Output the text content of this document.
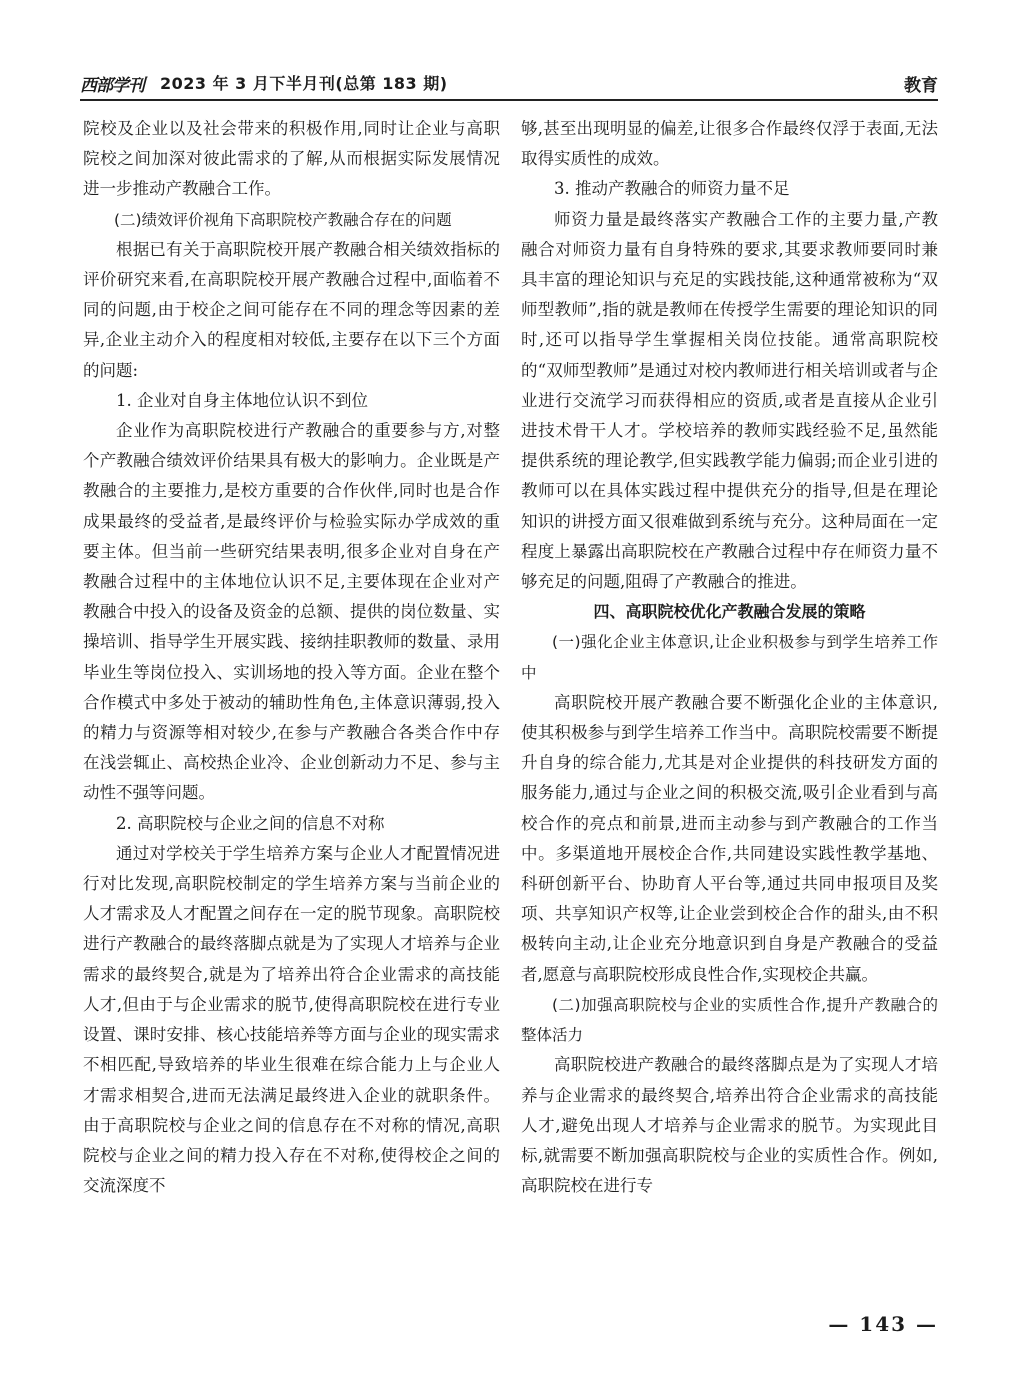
西部学刊 2023 年 3 月下半月刊(总第 183 期)	教育

院校及企业以及社会带来的积极作用,同时让企业与高职院校之间加深对彼此需求的了解,从而根据实际发展情况进一步推动产教融合工作。

(二)绩效评价视角下高职院校产教融合存在的问题

根据已有关于高职院校开展产教融合相关绩效指标的评价研究来看,在高职院校开展产教融合过程中,面临着不同的问题,由于校企之间可能存在不同的理念等因素的差异,企业主动介入的程度相对较低,主要存在以下三个方面的问题:

1. 企业对自身主体地位认识不到位

企业作为高职院校进行产教融合的重要参与方,对整个产教融合绩效评价结果具有极大的影响力。企业既是产教融合的主要推力,是校方重要的合作伙伴,同时也是合作成果最终的受益者,是最终评价与检验实际办学成效的重要主体。但当前一些研究结果表明,很多企业对自身在产教融合过程中的主体地位认识不足,主要体现在企业对产教融合中投入的设备及资金的总额、提供的岗位数量、实操培训、指导学生开展实践、接纳挂职教师的数量、录用毕业生等岗位投入、实训场地的投入等方面。企业在整个合作模式中多处于被动的辅助性角色,主体意识薄弱,投入的精力与资源等相对较少,在参与产教融合各类合作中存在浅尝辄止、高校热企业冷、企业创新动力不足、参与主动性不强等问题。

2. 高职院校与企业之间的信息不对称

通过对学校关于学生培养方案与企业人才配置情况进行对比发现,高职院校制定的学生培养方案与当前企业的人才需求及人才配置之间存在一定的脱节现象。高职院校进行产教融合的最终落脚点就是为了实现人才培养与企业需求的最终契合,就是为了培养出符合企业需求的高技能人才,但由于与企业需求的脱节,使得高职院校在进行专业设置、课时安排、核心技能培养等方面与企业的现实需求不相匹配,导致培养的毕业生很难在综合能力上与企业人才需求相契合,进而无法满足最终进入企业的就职条件。由于高职院校与企业之间的信息存在不对称的情况,高职院校与企业之间的精力投入存在不对称,使得校企之间的交流深度不

够,甚至出现明显的偏差,让很多合作最终仅浮于表面,无法取得实质性的成效。

3. 推动产教融合的师资力量不足

师资力量是最终落实产教融合工作的主要力量,产教融合对师资力量有自身特殊的要求,其要求教师要同时兼具丰富的理论知识与充足的实践技能,这种通常被称为“双师型教师”,指的就是教师在传授学生需要的理论知识的同时,还可以指导学生掌握相关岗位技能。通常高职院校的“双师型教师”是通过对校内教师进行相关培训或者与企业进行交流学习而获得相应的资质,或者是直接从企业引进技术骨干人才。学校培养的教师实践经验不足,虽然能提供系统的理论教学,但实践教学能力偏弱;而企业引进的教师可以在具体实践过程中提供充分的指导,但是在理论知识的讲授方面又很难做到系统与充分。这种局面在一定程度上暴露出高职院校在产教融合过程中存在师资力量不够充足的问题,阻碍了产教融合的推进。

四、高职院校优化产教融合发展的策略

(一)强化企业主体意识,让企业积极参与到学生培养工作中

高职院校开展产教融合要不断强化企业的主体意识,使其积极参与到学生培养工作当中。高职院校需要不断提升自身的综合能力,尤其是对企业提供的科技研发方面的服务能力,通过与企业之间的积极交流,吸引企业看到与高校合作的亮点和前景,进而主动参与到产教融合的工作当中。多渠道地开展校企合作,共同建设实践性教学基地、科研创新平台、协助育人平台等,通过共同申报项目及奖项、共享知识产权等,让企业尝到校企合作的甜头,由不积极转向主动,让企业充分地意识到自身是产教融合的受益者,愿意与高职院校形成良性合作,实现校企共赢。

(二)加强高职院校与企业的实质性合作,提升产教融合的整体活力

高职院校进产教融合的最终落脚点是为了实现人才培养与企业需求的最终契合,培养出符合企业需求的高技能人才,避免出现人才培养与企业需求的脱节。为实现此目标,就需要不断加强高职院校与企业的实质性合作。例如,高职院校在进行专

— 143 —
